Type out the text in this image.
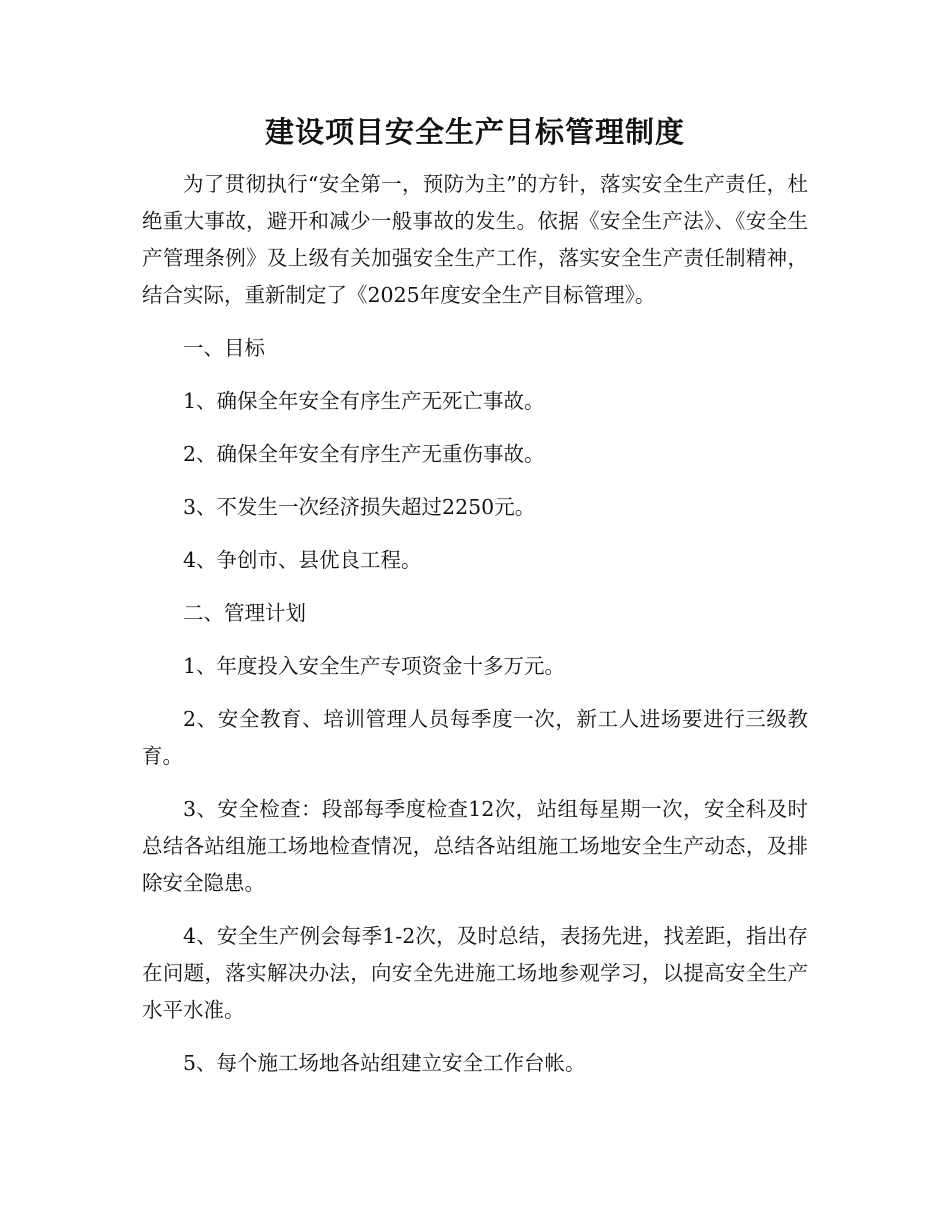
建设项目安全生产目标管理制度

为了贯彻执行“安全第一，预防为主”的方针，落实安全生产责任，杜绝重大事故，避开和减少一般事故的发生。依据《安全生产法》、《安全生产管理条例》及上级有关加强安全生产工作，落实安全生产责任制精神，结合实际，重新制定了《2025年度安全生产目标管理》。

一、目标

1、确保全年安全有序生产无死亡事故。

2、确保全年安全有序生产无重伤事故。

3、不发生一次经济损失超过2250元。

4、争创市、县优良工程。

二、管理计划

1、年度投入安全生产专项资金十多万元。

2、安全教育、培训管理人员每季度一次，新工人进场要进行三级教育。

3、安全检查：段部每季度检查12次，站组每星期一次，安全科及时总结各站组施工场地检查情况，总结各站组施工场地安全生产动态，及排除安全隐患。

4、安全生产例会每季1-2次，及时总结，表扬先进，找差距，指出存在问题，落实解决办法，向安全先进施工场地参观学习，以提高安全生产水平水准。

5、每个施工场地各站组建立安全工作台帐。
